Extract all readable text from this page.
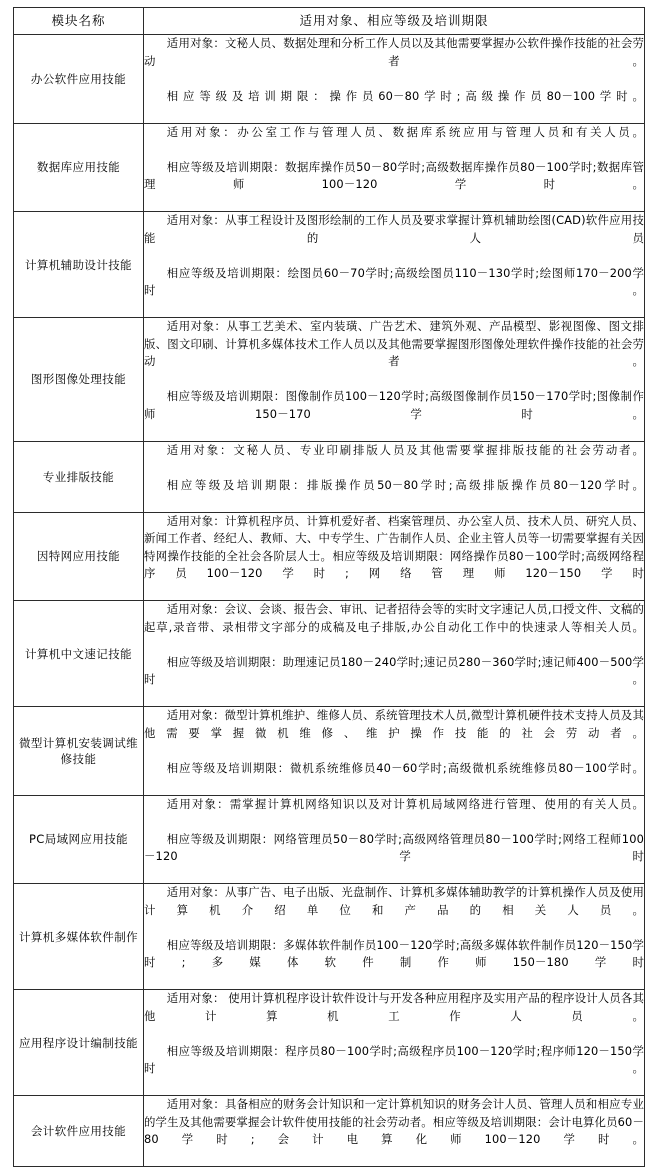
模块名称	适用对象、相应等级及培训期限

办公软件应用技能	适用对象：文秘人员、数据处理和分析工作人员以及其他需要掌握办公软件操作技能的社会劳动者。

相应等级及培训期限：操作员60－80学时;高级操作员80－100学时。

数据库应用技能	适用对象：办公室工作与管理人员、数据库系统应用与管理人员和有关人员。

相应等级及培训期限：数据库操作员50－80学时;高级数据库操作员80－100学时;数据库管理师100－120学时。

计算机辅助设计技能	适用对象：从事工程设计及图形绘制的工作人员及要求掌握计算机辅助绘图(CAD)软件应用技能的人员

相应等级及培训期限：绘图员60－70学时;高级绘图员110－130学时;绘图师170－200学时。

图形图像处理技能	适用对象：从事工艺美术、室内装璜、广告艺术、建筑外观、产品模型、影视图像、图文排版、图文印刷、计算机多媒体技术工作人员以及其他需要掌握图形图像处理软件操作技能的社会劳动者。

相应等级及培训期限：图像制作员100－120学时;高级图像制作员150－170学时;图像制作师150－170学时。

专业排版技能	适用对象：文秘人员、专业印刷排版人员及其他需要掌握排版技能的社会劳动者。

相应等级及培训期限：排版操作员50－80学时;高级排版操作员80－120学时。

因特网应用技能	适用对象：计算机程序员、计算机爱好者、档案管理员、办公室人员、技术人员、研究人员、新闻工作者、经纪人、教师、大、中专学生、广告制作人员、企业主管人员等一切需要掌握有关因特网操作技能的全社会各阶层人士。相应等级及培训期限：网络操作员80－100学时;高级网络程序员100－120学时;网络管理师120－150学时

计算机中文速记技能	适用对象：会议、会谈、报告会、审讯、记者招待会等的实时文字速记人员,口授文件、文稿的起草,录音带、录相带文字部分的成稿及电子排版,办公自动化工作中的快速录人等相关人员。

相应等级及培训期限：助理速记员180－240学时;速记员280－360学时;速记师400－500学时。

微型计算机安装调试维修技能	适用对象：微型计算机维护、维修人员、系统管理技术人员,微型计算机硬件技术支持人员及其他需要掌握微机维修、维护操作技能的社会劳动者。

相应等级及培训期限：微机系统维修员40－60学时;高级微机系统维修员80－100学时。

PC局域网应用技能	适用对象：需掌握计算机网络知识以及对计算机局域网络进行管理、使用的有关人员。

相应等级及训期限：网络管理员50－80学时;高级网络管理员80－100学时;网络工程师100－120学时

计算机多媒体软件制作	适用对象：从事广告、电子出版、光盘制作、计算机多媒体辅助教学的计算机操作人员及使用计算机介绍单位和产品的相关人员。

相应等级及培训期限：多媒体软件制作员100－120学时;高级多媒体软件制作员120－150学时;多媒体软件制作师150－180学时

应用程序设计编制技能	适用对象： 使用计算机程序设计软件设计与开发各种应用程序及实用产品的程序设计人员各其他计算机工作人员。

相应等级及培训期限：程序员80－100学时;高级程序员100－120学时;程序师120－150学时。

会计软件应用技能	适用对象：具备相应的财务会计知识和一定计算机知识的财务会计人员、管理人员和相应专业的学生及其他需要掌握会计软件使用技能的社会劳动者。相应等级及培训期限：会计电算化员60－80学时;会计电算化师100－120学时。
